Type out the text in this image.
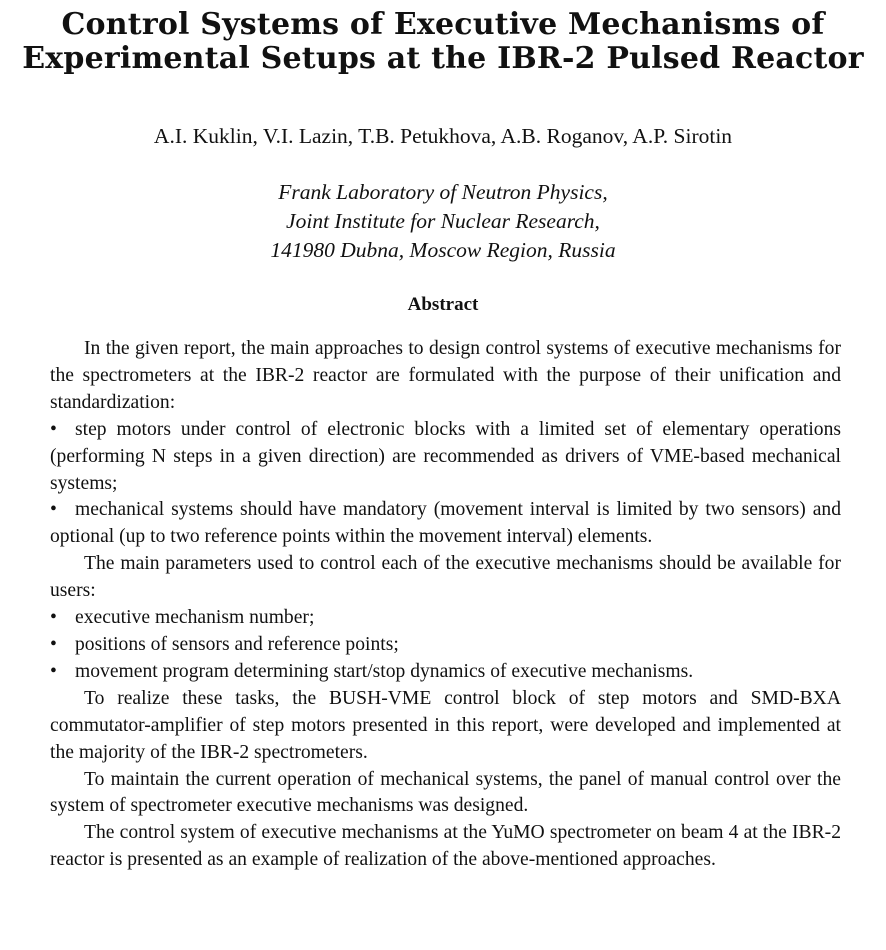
Control Systems of Executive Mechanisms of
Experimental Setups at the IBR-2 Pulsed Reactor
A.I. Kuklin, V.I. Lazin, T.B. Petukhova, A.B. Roganov, A.P. Sirotin
Frank Laboratory of Neutron Physics,
Joint Institute for Nuclear Research,
141980 Dubna, Moscow Region, Russia
Abstract

In the given report, the main approaches to design control systems of executive mechanisms for the spectrometers at the IBR-2 reactor are formulated with the purpose of their unification and standardization:

• step motors under control of electronic blocks with a limited set of elementary operations (performing N steps in a given direction) are recommended as drivers of VME-based mechanical systems;

• mechanical systems should have mandatory (movement interval is limited by two sensors) and optional (up to two reference points within the movement interval) elements.

The main parameters used to control each of the executive mechanisms should be available for users:

• executive mechanism number;

• positions of sensors and reference points;

• movement program determining start/stop dynamics of executive mechanisms.

To realize these tasks, the BUSH-VME control block of step motors and SMD-BXA commutator-amplifier of step motors presented in this report, were developed and implemented at the majority of the IBR-2 spectrometers.

To maintain the current operation of mechanical systems, the panel of manual control over the system of spectrometer executive mechanisms was designed.

The control system of executive mechanisms at the YuMO spectrometer on beam 4 at the IBR-2 reactor is presented as an example of realization of the above-mentioned approaches.
